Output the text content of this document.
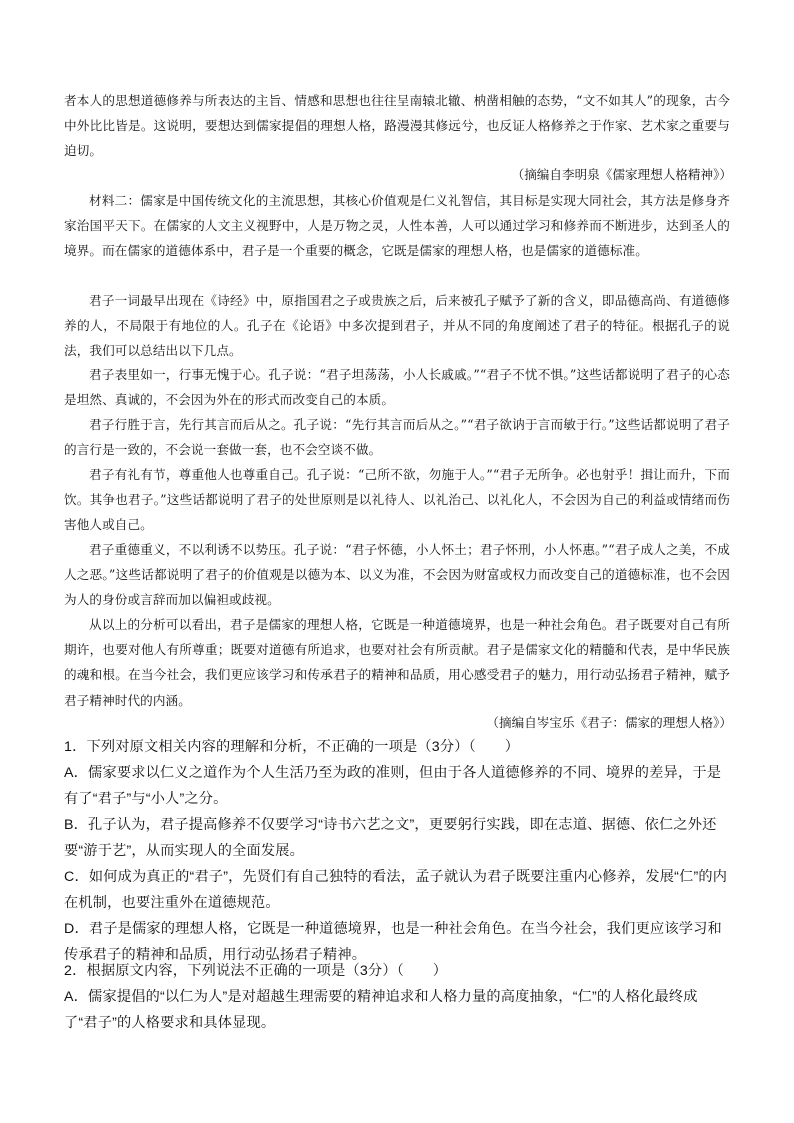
者本人的思想道德修养与所表达的主旨、情感和思想也往往呈南辕北辙、枘凿相触的态势，“文不如其人”的现象，古今中外比比皆是。这说明，要想达到儒家提倡的理想人格，路漫漫其修远兮，也反证人格修养之于作家、艺术家之重要与迫切。

（摘编自李明泉《儒家理想人格精神》）

材料二：儒家是中国传统文化的主流思想，其核心价值观是仁义礼智信，其目标是实现大同社会，其方法是修身齐家治国平天下。在儒家的人文主义视野中，人是万物之灵，人性本善，人可以通过学习和修养而不断进步，达到圣人的境界。而在儒家的道德体系中，君子是一个重要的概念，它既是儒家的理想人格，也是儒家的道德标准。

君子一词最早出现在《诗经》中，原指国君之子或贵族之后，后来被孔子赋予了新的含义，即品德高尚、有道德修养的人，不局限于有地位的人。孔子在《论语》中多次提到君子，并从不同的角度阐述了君子的特征。根据孔子的说法，我们可以总结出以下几点。

君子表里如一，行事无愧于心。孔子说：“君子坦荡荡，小人长戚戚。”“君子不忧不惧。”这些话都说明了君子的心态是坦然、真诚的，不会因为外在的形式而改变自己的本质。

君子行胜于言，先行其言而后从之。孔子说：“先行其言而后从之。”“君子欲讷于言而敏于行。”这些话都说明了君子的言行是一致的，不会说一套做一套，也不会空谈不做。

君子有礼有节，尊重他人也尊重自己。孔子说：“己所不欲，勿施于人。”“君子无所争。必也射乎！揖让而升，下而饮。其争也君子。”这些话都说明了君子的处世原则是以礼待人、以礼治己、以礼化人，不会因为自己的利益或情绪而伤害他人或自己。

君子重德重义，不以利诱不以势压。孔子说：“君子怀德，小人怀土；君子怀刑，小人怀惠。”“君子成人之美，不成人之恶。”这些话都说明了君子的价值观是以德为本、以义为准，不会因为财富或权力而改变自己的道德标准，也不会因为人的身份或言辞而加以偏袒或歧视。

从以上的分析可以看出，君子是儒家的理想人格，它既是一种道德境界，也是一种社会角色。君子既要对自己有所期许，也要对他人有所尊重；既要对道德有所追求，也要对社会有所贡献。君子是儒家文化的精髓和代表，是中华民族的魂和根。在当今社会，我们更应该学习和传承君子的精神和品质，用心感受君子的魅力，用行动弘扬君子精神，赋予君子精神时代的内涵。

（摘编自岑宝乐《君子：儒家的理想人格》）

1．下列对原文相关内容的理解和分析，不正确的一项是（3分）（　　）
A．儒家要求以仁义之道作为个人生活乃至为政的准则，但由于各人道德修养的不同、境界的差异，于是有了“君子”与“小人”之分。
B．孔子认为，君子提高修养不仅要学习“诗书六艺之文”，更要躬行实践，即在志道、据德、依仁之外还要“游于艺”，从而实现人的全面发展。
C．如何成为真正的“君子”，先贤们有自己独特的看法，孟子就认为君子既要注重内心修养，发展“仁”的内在机制，也要注重外在道德规范。
D．君子是儒家的理想人格，它既是一种道德境界，也是一种社会角色。在当今社会，我们更应该学习和传承君子的精神和品质，用行动弘扬君子精神。
2．根据原文内容，下列说法不正确的一项是（3分）（　　）
A．儒家提倡的“以仁为人”是对超越生理需要的精神追求和人格力量的高度抽象，“仁”的人格化最终成了“君子”的人格要求和具体显现。
